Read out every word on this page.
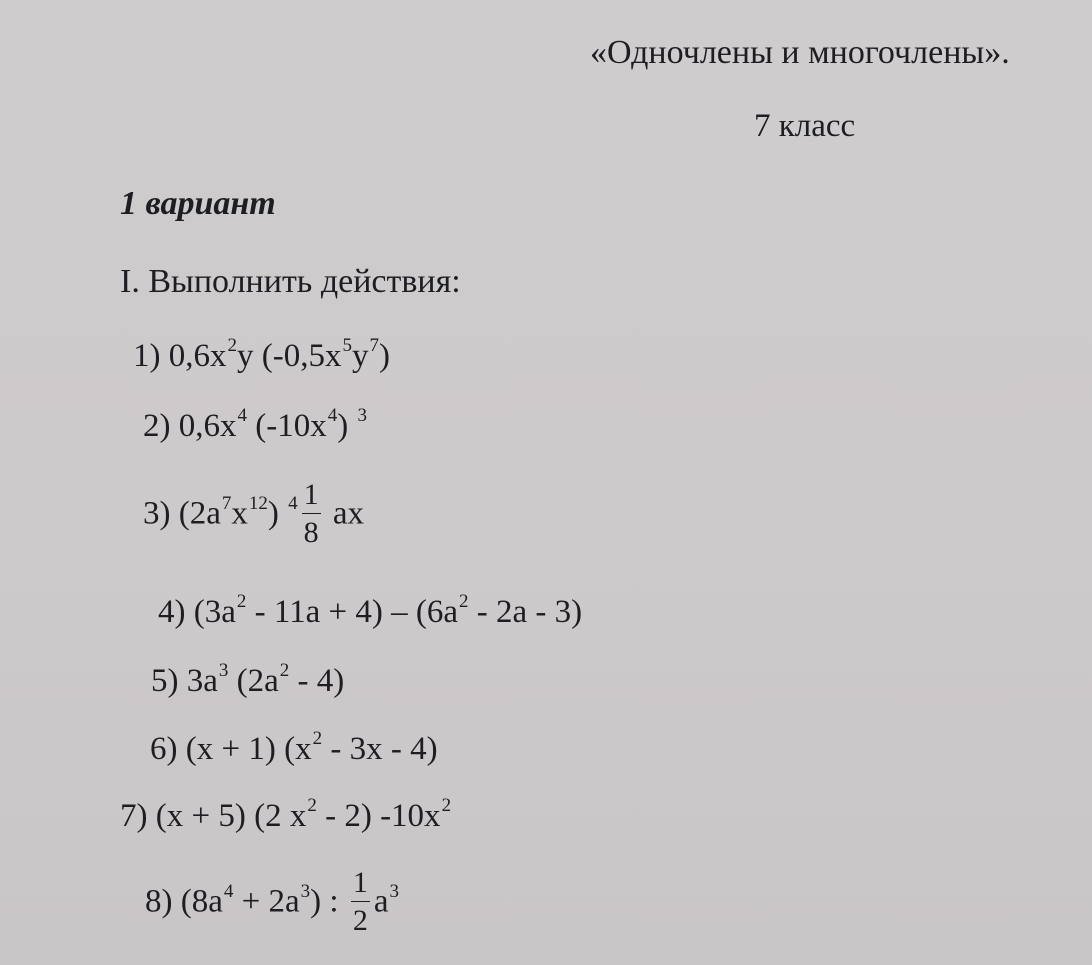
«Одночлены и многочлены».
7 класс
1 вариант
I. Выполнить действия:
1) $0,6x^2y$ $(-0,5x^5y^7)$
2) $0,6x^4$ $(-10x^4)$ $^3$
3) $(2a^7x^{12})$ $^4 \frac{1}{8}$ ax
4) $(3a^2 - 11a + 4) - (6a^2 - 2a - 3)$
5) $3a^3$ $(2a^2 - 4)$
6) (x + 1) $(x^2 - 3x - 4)$
7) (x + 5) (2 $x^2 - 2$) $-10x^2$
8) $(8a^4 + 2a^3)$ : $\frac{1}{2} a^3$
